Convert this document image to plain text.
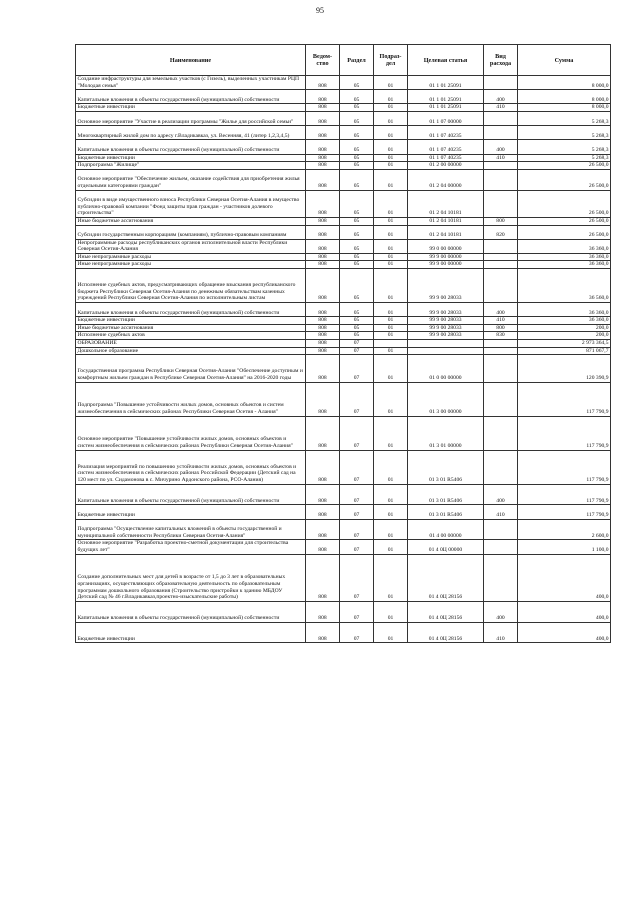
95
Наименование	Ведом-ство	Раздел	Подраз-дел	Целевая статья	Вид расхода	Сумма
Создание инфраструктуры для земельных участков (с Гизель), выделенных участникам РЦП "Молодая семья"	808	05	01	01 1 01 25091		8 000,0
Капитальные вложения в объекты государственной (муниципальной) собственности	808	05	01	01 1 01 25091	400	8 000,0
Бюджетные инвестиции	808	05	01	01 1 01 25091	410	8 000,0
Основное мероприятие "Участие в реализации программы "Жилье для российской семьи"	808	05	01	01 1 07 00000		5 268,3
Многоквартирный жилой дом по адресу г.Владикавказ, ул. Весенняя, 41 (литер 1,2,3,4,5)	808	05	01	01 1 07 40235		5 268,3
Капитальные вложения в объекты государственной (муниципальной) собственности	808	05	01	01 1 07 40235	400	5 268,3
Бюджетные инвестиции	808	05	01	01 1 07 40235	410	5 268,3
Подпрограмма "Жилище"	808	05	01	01 2 00 00000		26 500,0
Основное мероприятие "Обеспечение жильем, оказание содействия для приобретения жилья отдельными категориями граждан"	808	05	01	01 2 04 00000		26 500,0
Субсидии в виде имущественного взноса Республики Северная Осетия-Алания в имущество публично-правовой компании "Фонд защиты прав граждан - участников долевого строительства"	808	05	01	01 2 04 10181		26 500,0
Иные бюджетные ассигнования	808	05	01	01 2 04 10181	800	26 500,0
Субсидии государственным корпорациям (компаниям), публично-правовым компаниям	808	05	01	01 2 04 10181	820	26 500,0
Непрограммные расходы республиканских органов исполнительной власти Республики Северная Осетия-Алания	808	05	01	99 0 00 00000		36 360,0
Иные непрограммные расходы	808	05	01	99 9 00 00000		36 360,0
Иные непрограммные расходы	808	05	01	99 9 00 00000		36 360,0
Исполнение судебных актов, предусматривающих обращение взыскания республиканского бюджета Республики Северная Осетия-Алания по денежным обязательствам казенных учреждений Республики Северная Осетия-Алания по исполнительным листам	808	05	01	99 9 00 28033		36 560,0
Капитальные вложения в объекты государственной (муниципальной) собственности	808	05	01	99 9 00 28033	400	36 360,0
Бюджетные инвестиции	808	05	01	99 9 00 28033	410	36 360,0
Иные бюджетные ассигнования	808	05	01	99 9 00 28033	800	200,0
Исполнение судебных актов	808	05	01	99 9 00 28033	830	200,0
ОБРАЗОВАНИЕ	808	07				2 973 364,5
Дошкольное образование	808	07	01			871 067,7
Государственная программа Республики Северная Осетия-Алания "Обеспечение доступным и комфортным жильем граждан в Республике Северная Осетия-Алания" на 2016-2020 годы	808	07	01	01 0 00 00000		120 390,9
Подпрограмма "Повышение устойчивости жилых домов, основных объектов и систем жизнеобеспечения в сейсмических районах Республики Северная Осетия - Алания"	808	07	01	01 3 00 00000		117 790,9
Основное мероприятие "Повышение устойчивости жилых домов, основных объектов и систем жизнеобеспечения в сейсмических районах Республики Северная Осетия-Алания"	808	07	01	01 3 01 00000		117 790,9
Реализация мероприятий по повышению устойчивости жилых домов, основных объектов и систем жизнеобеспечения в сейсмических районах Российской Федерации (Детский сад на 120 мест по ул. Сидамонова в с. Мичурино Ардонского района, РСО-Алания)	808	07	01	01 3 01 R5406		117 790,9
Капитальные вложения в объекты государственной (муниципальной) собственности	808	07	01	01 3 01 R5406	400	117 790,9
Бюджетные инвестиции	808	07	01	01 3 01 R5406	410	117 790,9
Подпрограмма "Осуществление капитальных вложений в объекты государственной и муниципальной собственности Республики Северная Осетия-Алания"	808	07	01	01 4 00 00000		2 600,0
Основное мероприятие "Разработка проектно-сметной документации для строительства будущих лет"	808	07	01	01 4 0Ц 00000		1 100,0
Создание дополнительных мест для детей в возрасте от 1,5 до 3 лет в образовательных организациях, осуществляющих образовательную деятельность по образовательным программам дошкольного образования (Строительство пристройки к зданию МБДОУ Детский сад № 46 г.Владикавказ,проектно-изыскательские работы)	808	07	01	01 4 0Ц 28156		400,0
Капитальные вложения в объекты государственной (муниципальной) собственности	808	07	01	01 4 0Ц 28156	400	400,0
Бюджетные инвестиции	808	07	01	01 4 0Ц 28156	410	400,0
